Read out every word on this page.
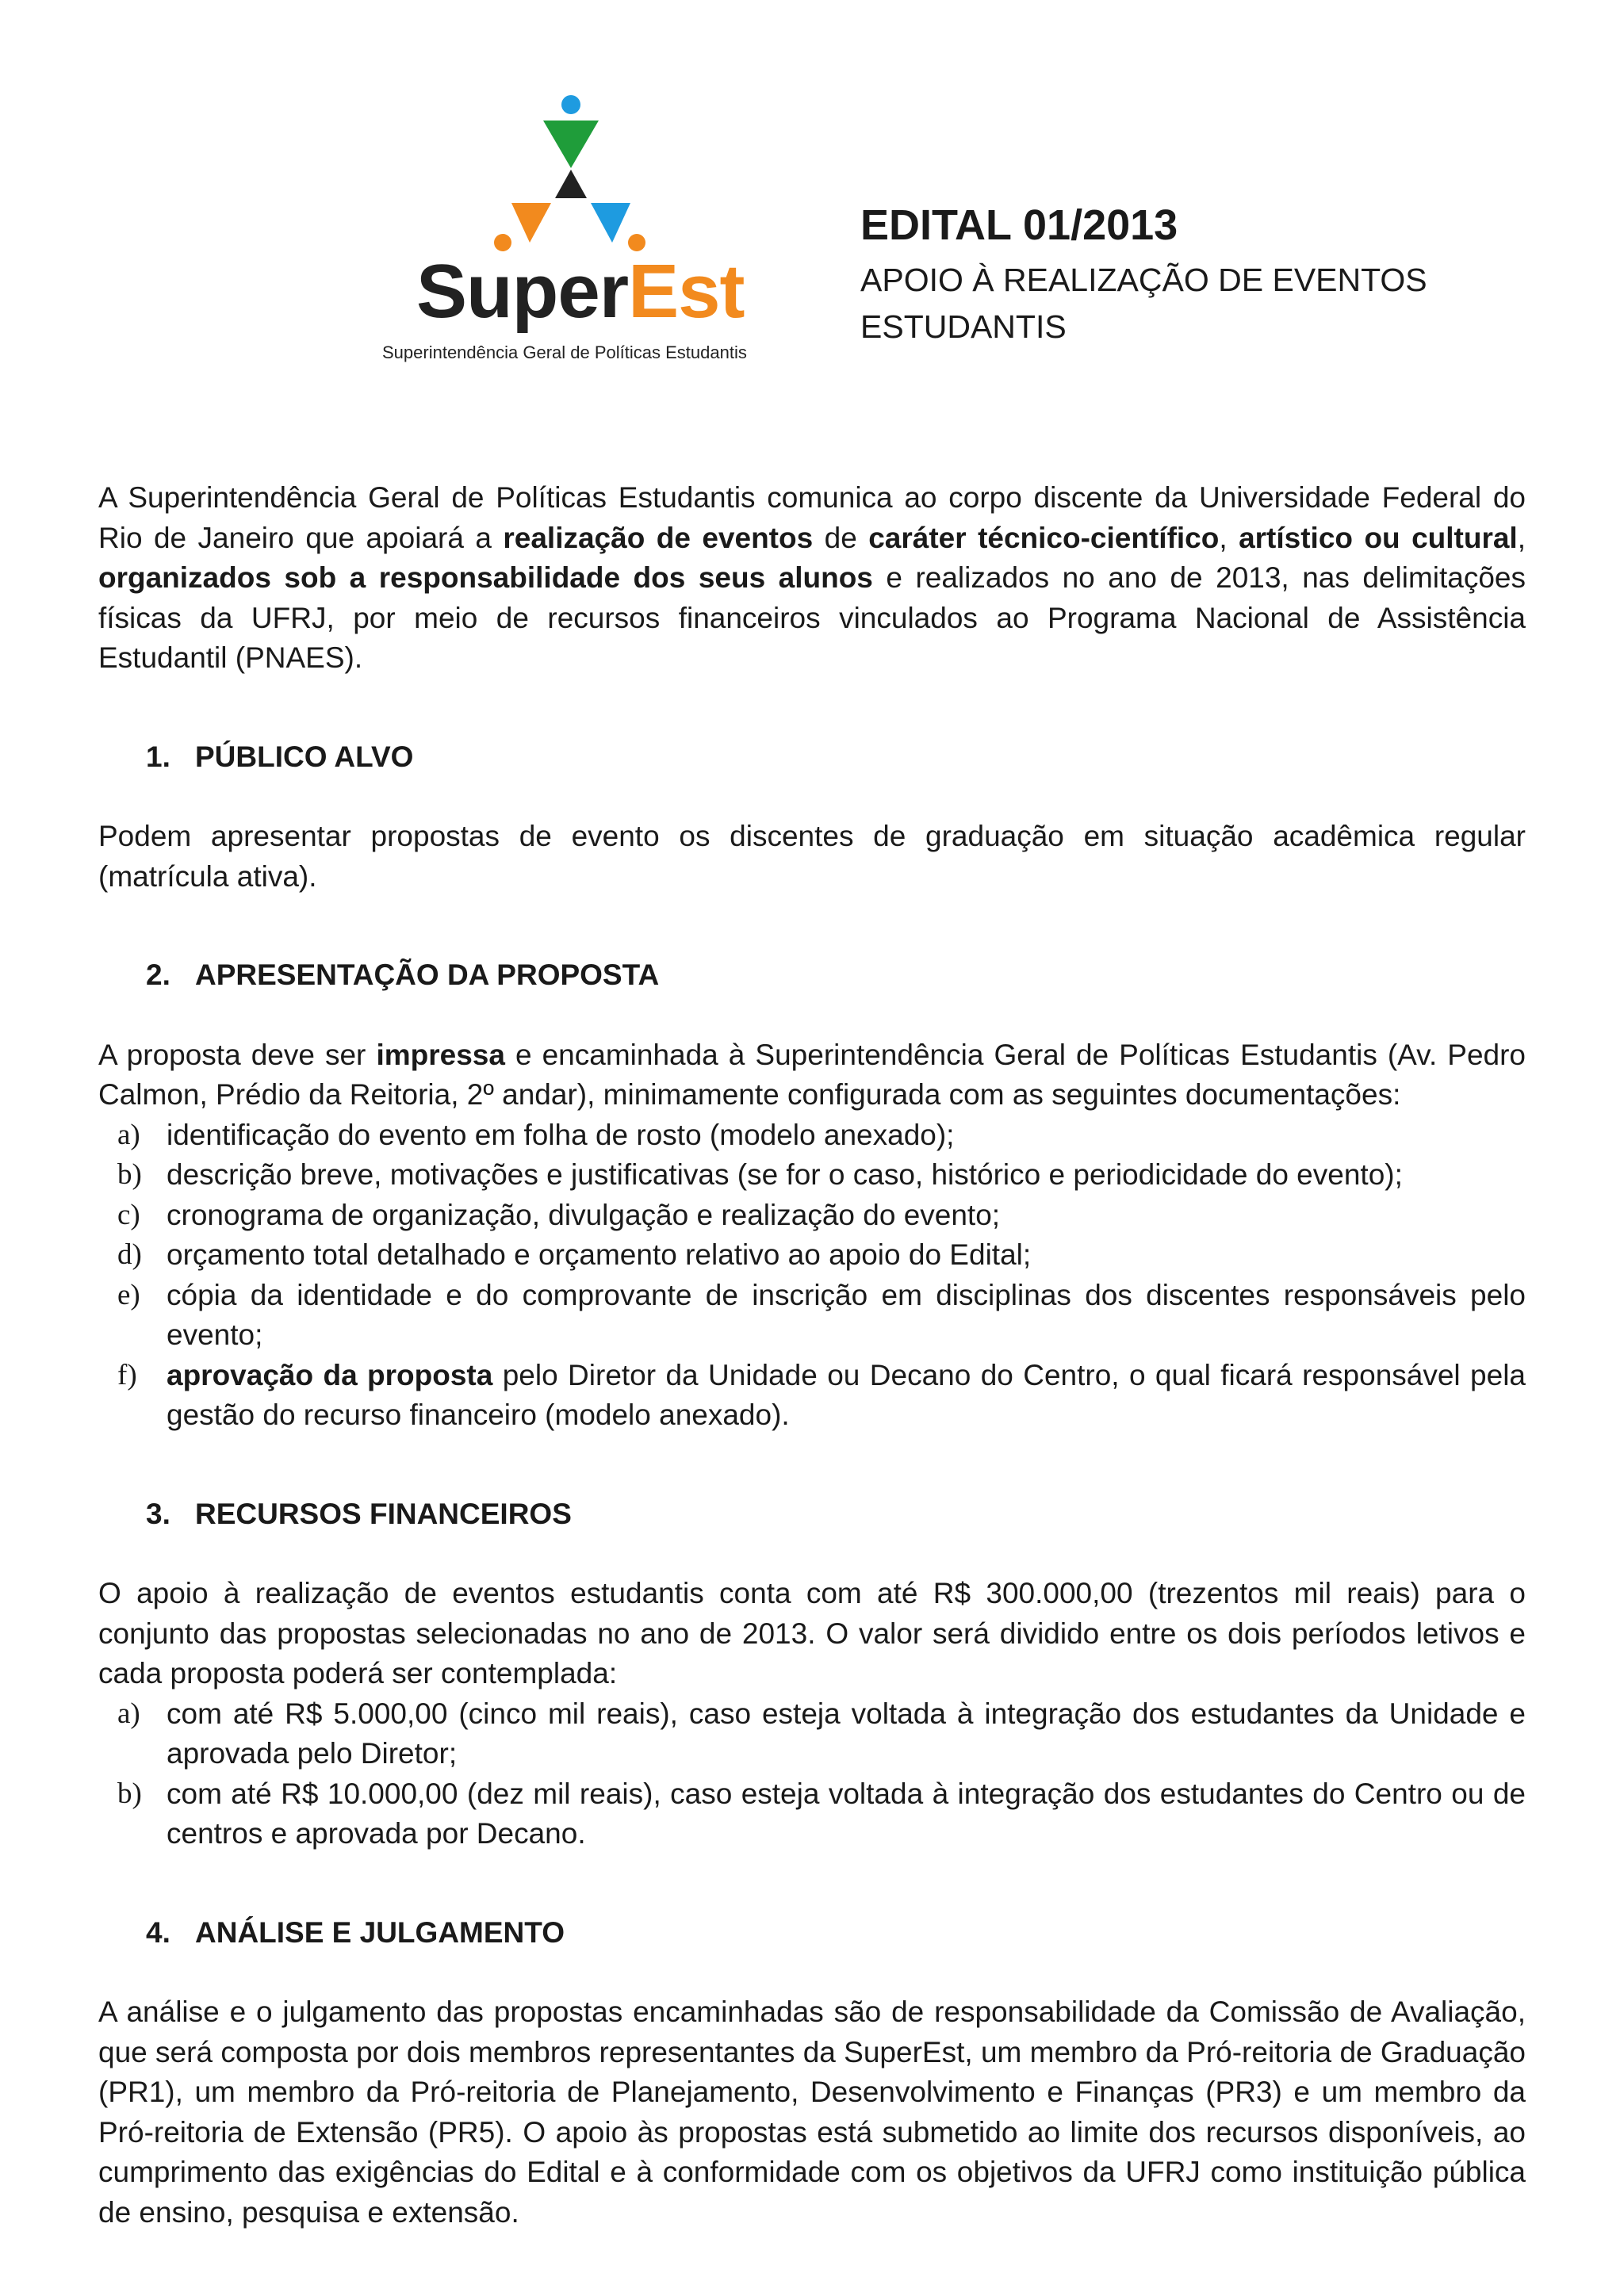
SuperEst
Superintendência Geral de Políticas Estudantis
EDITAL 01/2013

APOIO À REALIZAÇÃO DE EVENTOS ESTUDANTIS

A Superintendência Geral de Políticas Estudantis comunica ao corpo discente da Universidade Federal do Rio de Janeiro que apoiará a realização de eventos de caráter técnico-científico, artístico ou cultural, organizados sob a responsabilidade dos seus alunos e realizados no ano de 2013, nas delimitações físicas da UFRJ, por meio de recursos financeiros vinculados ao Programa Nacional de Assistência Estudantil (PNAES).

1. PÚBLICO ALVO

Podem apresentar propostas de evento os discentes de graduação em situação acadêmica regular (matrícula ativa).

2. APRESENTAÇÃO DA PROPOSTA

A proposta deve ser impressa e encaminhada à Superintendência Geral de Políticas Estudantis (Av. Pedro Calmon, Prédio da Reitoria, 2º andar), minimamente configurada com as seguintes documentações:

a) identificação do evento em folha de rosto (modelo anexado);
b) descrição breve, motivações e justificativas (se for o caso, histórico e periodicidade do evento);
c) cronograma de organização, divulgação e realização do evento;
d) orçamento total detalhado e orçamento relativo ao apoio do Edital;
e) cópia da identidade e do comprovante de inscrição em disciplinas dos discentes responsáveis pelo evento;
f) aprovação da proposta pelo Diretor da Unidade ou Decano do Centro, o qual ficará responsável pela gestão do recurso financeiro (modelo anexado).
3. RECURSOS FINANCEIROS

O apoio à realização de eventos estudantis conta com até R$ 300.000,00 (trezentos mil reais) para o conjunto das propostas selecionadas no ano de 2013. O valor será dividido entre os dois períodos letivos e cada proposta poderá ser contemplada:

a) com até R$ 5.000,00 (cinco mil reais), caso esteja voltada à integração dos estudantes da Unidade e aprovada pelo Diretor;
b) com até R$ 10.000,00 (dez mil reais), caso esteja voltada à integração dos estudantes do Centro ou de centros e aprovada por Decano.
4. ANÁLISE E JULGAMENTO

A análise e o julgamento das propostas encaminhadas são de responsabilidade da Comissão de Avaliação, que será composta por dois membros representantes da SuperEst, um membro da Pró-reitoria de Graduação (PR1), um membro da Pró-reitoria de Planejamento, Desenvolvimento e Finanças (PR3) e um membro da Pró-reitoria de Extensão (PR5). O apoio às propostas está submetido ao limite dos recursos disponíveis, ao cumprimento das exigências do Edital e à conformidade com os objetivos da UFRJ como instituição pública de ensino, pesquisa e extensão.
